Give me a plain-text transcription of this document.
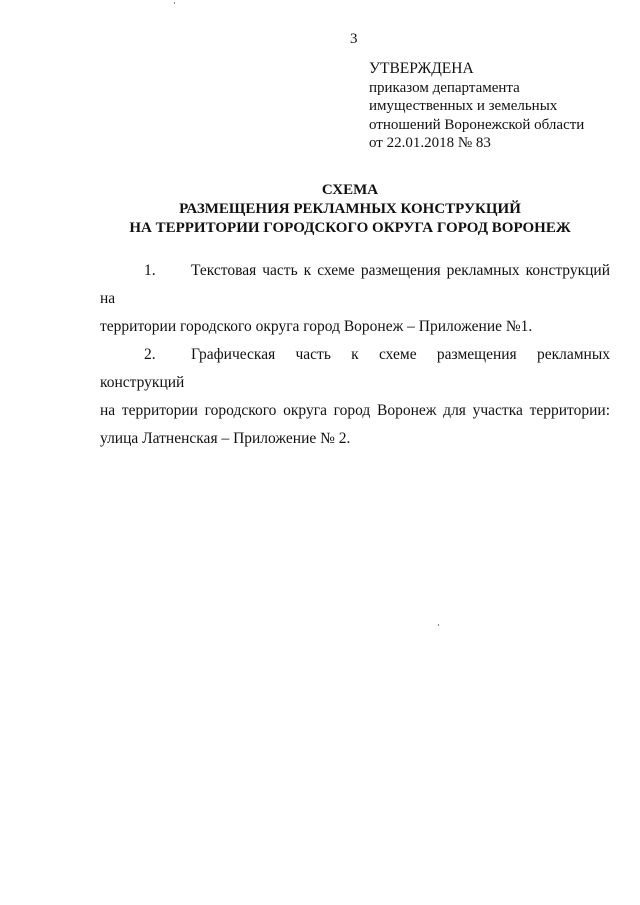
3
УТВЕРЖДЕНА
приказом департамента
имущественных и земельных
отношений Воронежской области
от 22.01.2018 № 83
СХЕМА
РАЗМЕЩЕНИЯ РЕКЛАМНЫХ КОНСТРУКЦИЙ
НА ТЕРРИТОРИИ ГОРОДСКОГО ОКРУГА ГОРОД ВОРОНЕЖ
1. Текстовая часть к схеме размещения рекламных конструкций на
территории городского округа город Воронеж – Приложение №1.
2. Графическая часть к схеме размещения рекламных конструкций
на территории городского округа город Воронеж для участка территории:
улица Латненская – Приложение № 2.
